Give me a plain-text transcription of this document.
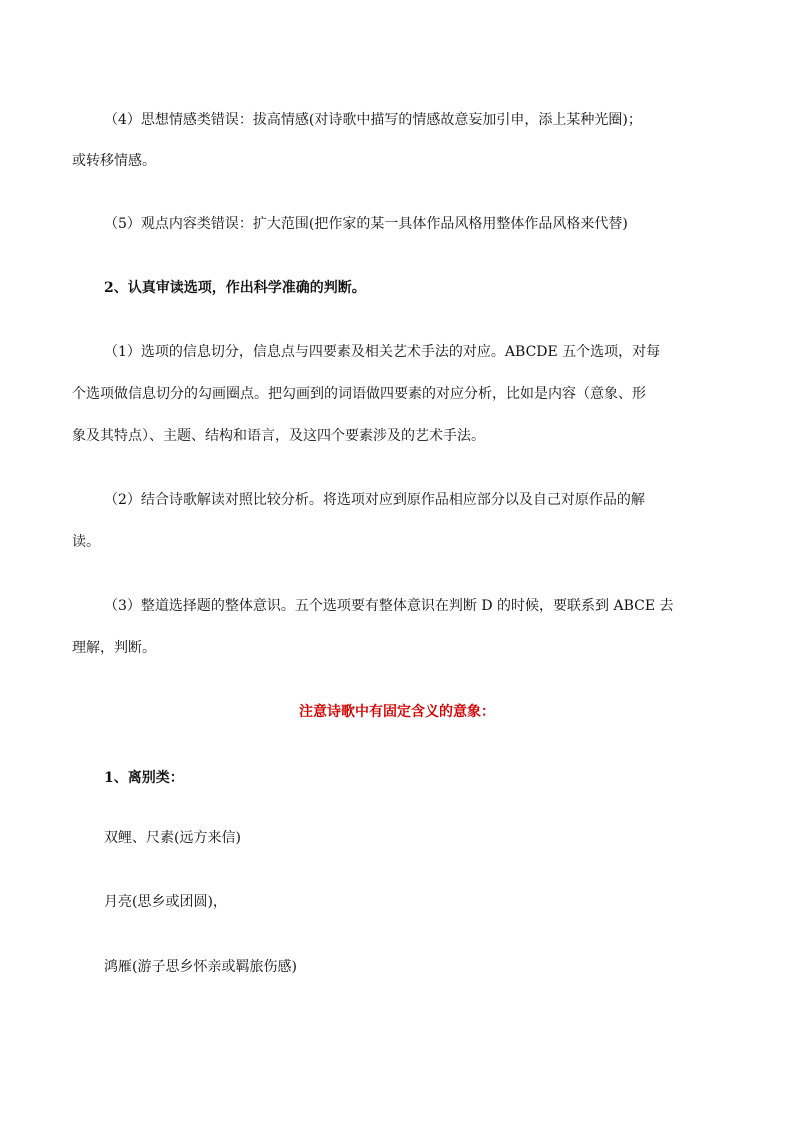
（4）思想情感类错误：拔高情感(对诗歌中描写的情感故意妄加引申，添上某种光圈)；

或转移情感。

（5）观点内容类错误：扩大范围(把作家的某一具体作品风格用整体作品风格来代替)

2、认真审读选项，作出科学准确的判断。

（1）选项的信息切分，信息点与四要素及相关艺术手法的对应。ABCDE 五个选项，对每

个选项做信息切分的勾画圈点。把勾画到的词语做四要素的对应分析，比如是内容（意象、形

象及其特点）、主题、结构和语言，及这四个要素涉及的艺术手法。

（2）结合诗歌解读对照比较分析。将选项对应到原作品相应部分以及自己对原作品的解

读。

（3）整道选择题的整体意识。五个选项要有整体意识在判断 D 的时候，要联系到 ABCE 去

理解，判断。

注意诗歌中有固定含义的意象：

1、离别类：

双鲤、尺素(远方来信)

月亮(思乡或团圆)，

鸿雁(游子思乡怀亲或羁旅伤感)
